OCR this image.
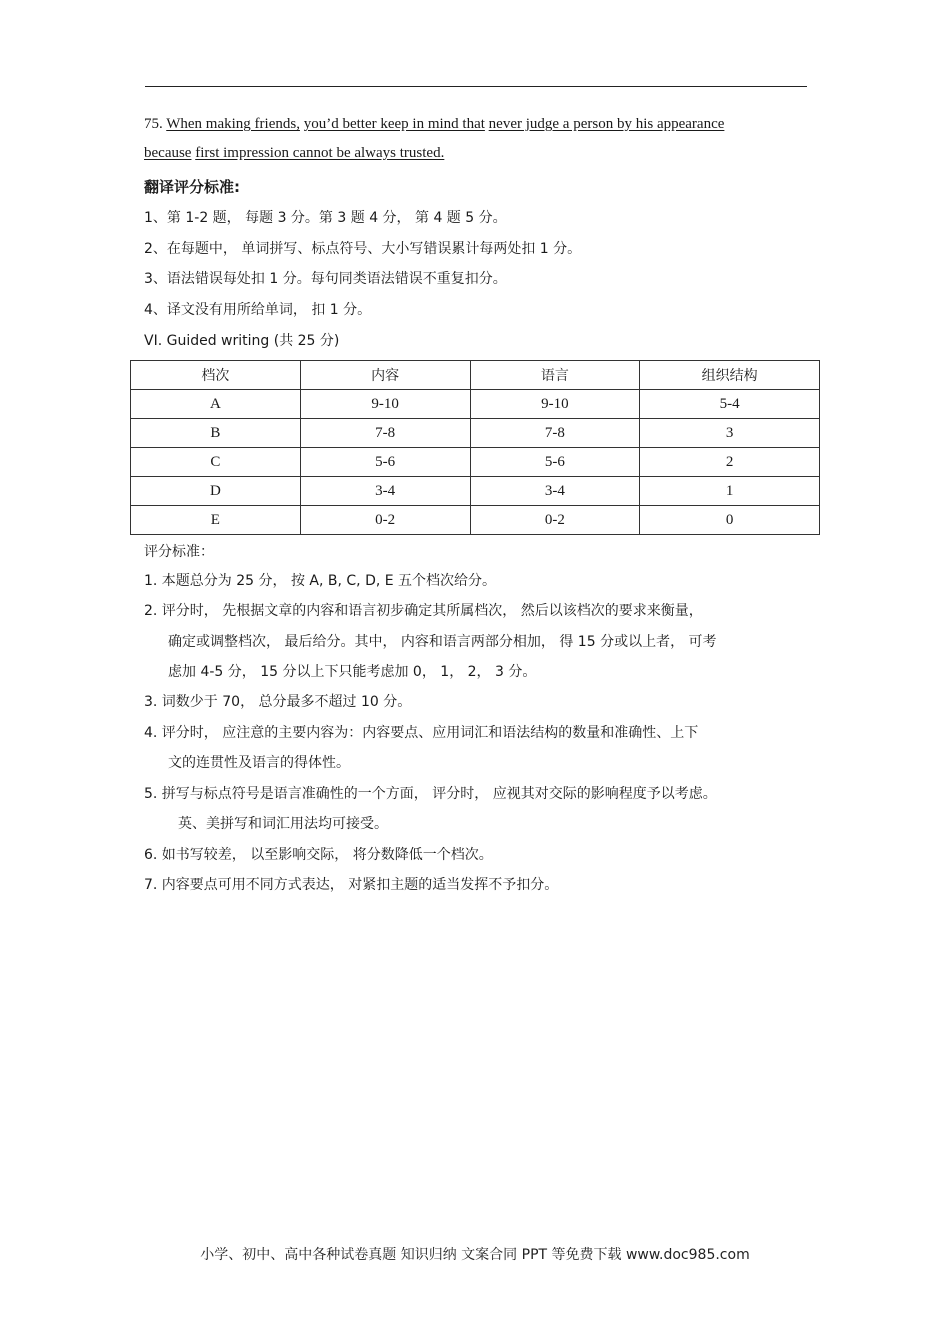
75. When making friends, you’d better keep in mind that never judge a person by his appearance
because first impression cannot be always trusted.
翻译评分标准:
1、第 1-2 题， 每题 3 分。第 3 题 4 分， 第 4 题 5 分。
2、在每题中， 单词拼写、标点符号、大小写错误累计每两处扣 1 分。
3、语法错误每处扣 1 分。每句同类语法错误不重复扣分。
4、译文没有用所给单词， 扣 1 分。
VI. Guided writing (共 25 分)
档次	内容	语言	组织结构
A	9-10	9-10	5-4
B	7-8	7-8	3
C	5-6	5-6	2
D	3-4	3-4	1
E	0-2	0-2	0
评分标准：
1. 本题总分为 25 分， 按 A, B, C, D, E 五个档次给分。
2. 评分时， 先根据文章的内容和语言初步确定其所属档次， 然后以该档次的要求来衡量，
确定或调整档次， 最后给分。其中， 内容和语言两部分相加， 得 15 分或以上者， 可考
虑加 4-5 分， 15 分以上下只能考虑加 0， 1， 2， 3 分。
3. 词数少于 70， 总分最多不超过 10 分。
4. 评分时， 应注意的主要内容为：内容要点、应用词汇和语法结构的数量和准确性、上下
文的连贯性及语言的得体性。
5. 拼写与标点符号是语言准确性的一个方面， 评分时， 应视其对交际的影响程度予以考虑。
英、美拼写和词汇用法均可接受。
6. 如书写较差， 以至影响交际， 将分数降低一个档次。
7. 内容要点可用不同方式表达， 对紧扣主题的适当发挥不予扣分。
小学、初中、高中各种试卷真题 知识归纳 文案合同 PPT 等免费下载 www.doc985.com
